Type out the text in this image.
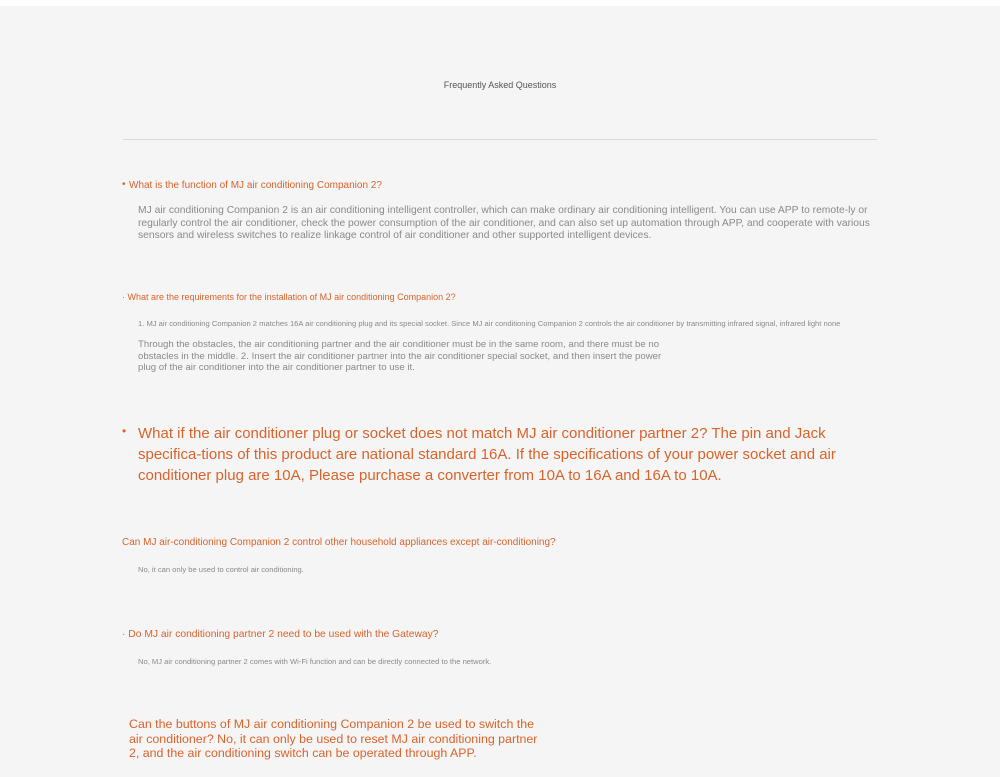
Frequently Asked Questions
• What is the function of MJ air conditioning Companion 2?
MJ air conditioning Companion 2 is an air conditioning intelligent controller, which can make ordinary air conditioning intelligent. You can use APP to remote-ly or regularly control the air conditioner, check the power consumption of the air conditioner, and can also set up automation through APP, and cooperate with various sensors and wireless switches to realize linkage control of air conditioner and other supported intelligent devices.
· What are the requirements for the installation of MJ air conditioning Companion 2?
1. MJ air conditioning Companion 2 matches 16A air conditioning plug and its special socket. Since MJ air conditioning Companion 2 controls the air conditioner by transmitting infrared signal, infrared light none
Through the obstacles, the air conditioning partner and the air conditioner must be in the same room, and there must be no obstacles in the middle. 2. Insert the air conditioner partner into the air conditioner special socket, and then insert the power plug of the air conditioner into the air conditioner partner to use it.
• What if the air conditioner plug or socket does not match MJ air conditioner partner 2? The pin and Jack specifica-tions of this product are national standard 16A. If the specifications of your power socket and air conditioner plug are 10A, Please purchase a converter from 10A to 16A and 16A to 10A.
Can MJ air-conditioning Companion 2 control other household appliances except air-conditioning?
No, it can only be used to control air conditioning.
· Do MJ air conditioning partner 2 need to be used with the Gateway?
No, MJ air conditioning partner 2 comes with Wi-Fi function and can be directly connected to the network.
Can the buttons of MJ air conditioning Companion 2 be used to switch the air conditioner? No, it can only be used to reset MJ air conditioning partner 2, and the air conditioning switch can be operated through APP.
